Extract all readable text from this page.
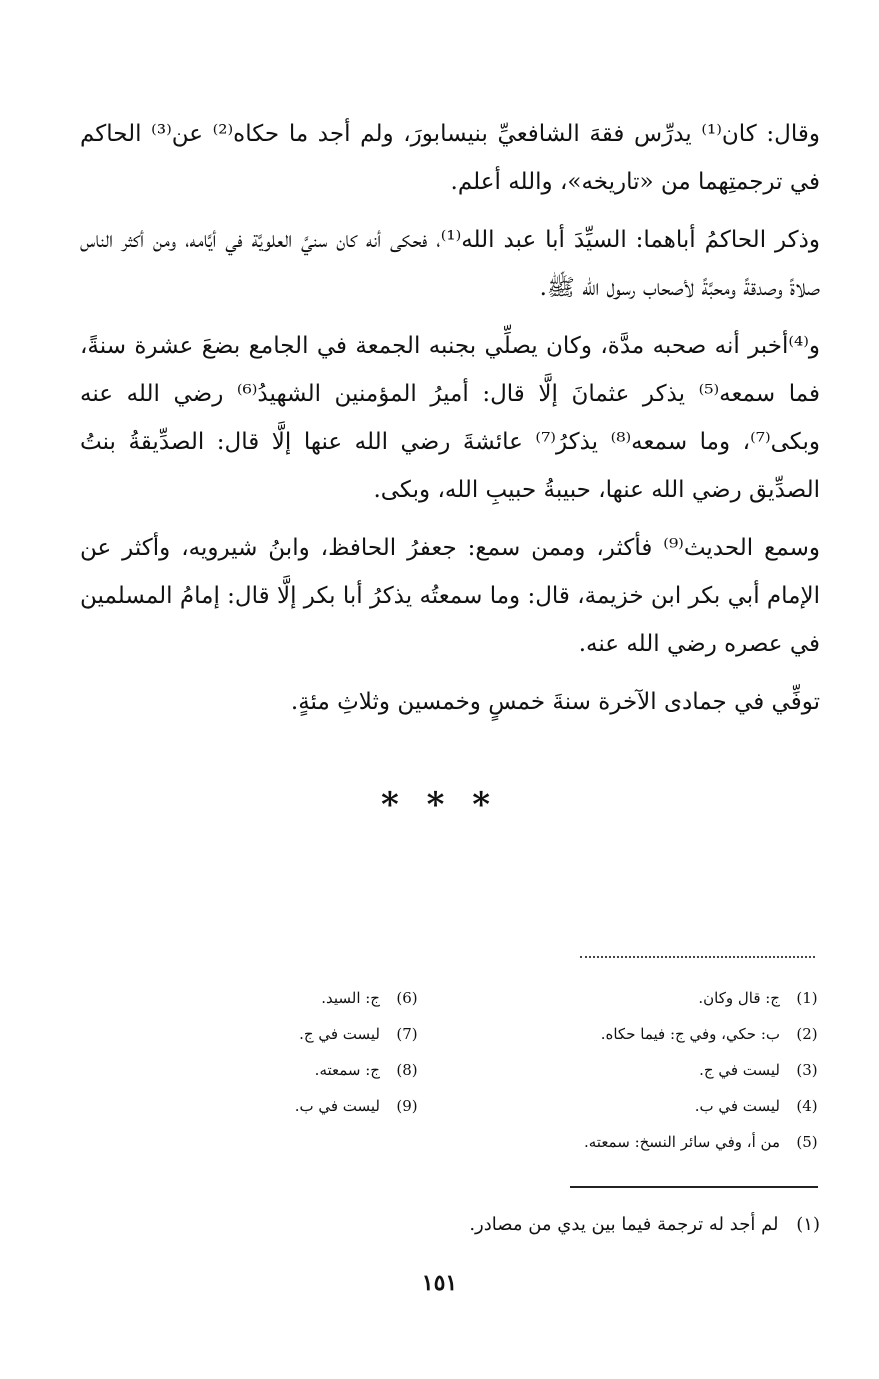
وقال: كان⁽¹⁾ يدرِّس فقهَ الشافعيِّ بنيسابورَ، ولم أجد ما حكاه⁽²⁾ عن⁽³⁾ الحاكم في ترجمتِهما من «تاريخه»، والله أعلم.

وذكر الحاكمُ أباهما: السيِّدَ أبا عبد الله⁽¹⁾، فحكى أنه كان سنيَّ العلويَّة في أيَّامه، ومن أكثر الناس صلاةً وصدقةً ومحبَّةً لأصحاب رسول الله ﷺ.

و⁽⁴⁾أخبر أنه صحبه مدَّة، وكان يصلِّي بجنبه الجمعة في الجامع بضعَ عشرة سنةً، فما سمعه⁽⁵⁾ يذكر عثمانَ إلَّا قال: أميرُ المؤمنين الشهيدُ⁽⁶⁾ رضي الله عنه وبكى⁽⁷⁾، وما سمعه⁽⁸⁾ يذكرُ⁽⁷⁾ عائشةَ رضي الله عنها إلَّا قال: الصدِّيقةُ بنتُ الصدِّيق رضي الله عنها، حبيبةُ حبيبِ الله، وبكى.

وسمع الحديث⁽⁹⁾ فأكثر، وممن سمع: جعفرُ الحافظ، وابنُ شيرويه، وأكثر عن الإمام أبي بكر ابن خزيمة، قال: وما سمعتُه يذكرُ أبا بكر إلَّا قال: إمامُ المسلمين في عصره رضي الله عنه.

توفِّي في جمادى الآخرة سنةَ خمسٍ وخمسين وثلاثِ مئةٍ.

* * *
(1)
ج: قال وكان.
(2)
ب: حكي، وفي ج: فيما حكاه.
(3)
ليست في ج.
(4)
ليست في ب.
(5)
من أ، وفي سائر النسخ: سمعته.
(6)
ج: السيد.
(7)
ليست في ج.
(8)
ج: سمعته.
(9)
ليست في ب.
(١) لم أجد له ترجمة فيما بين يدي من مصادر.
١٥١
